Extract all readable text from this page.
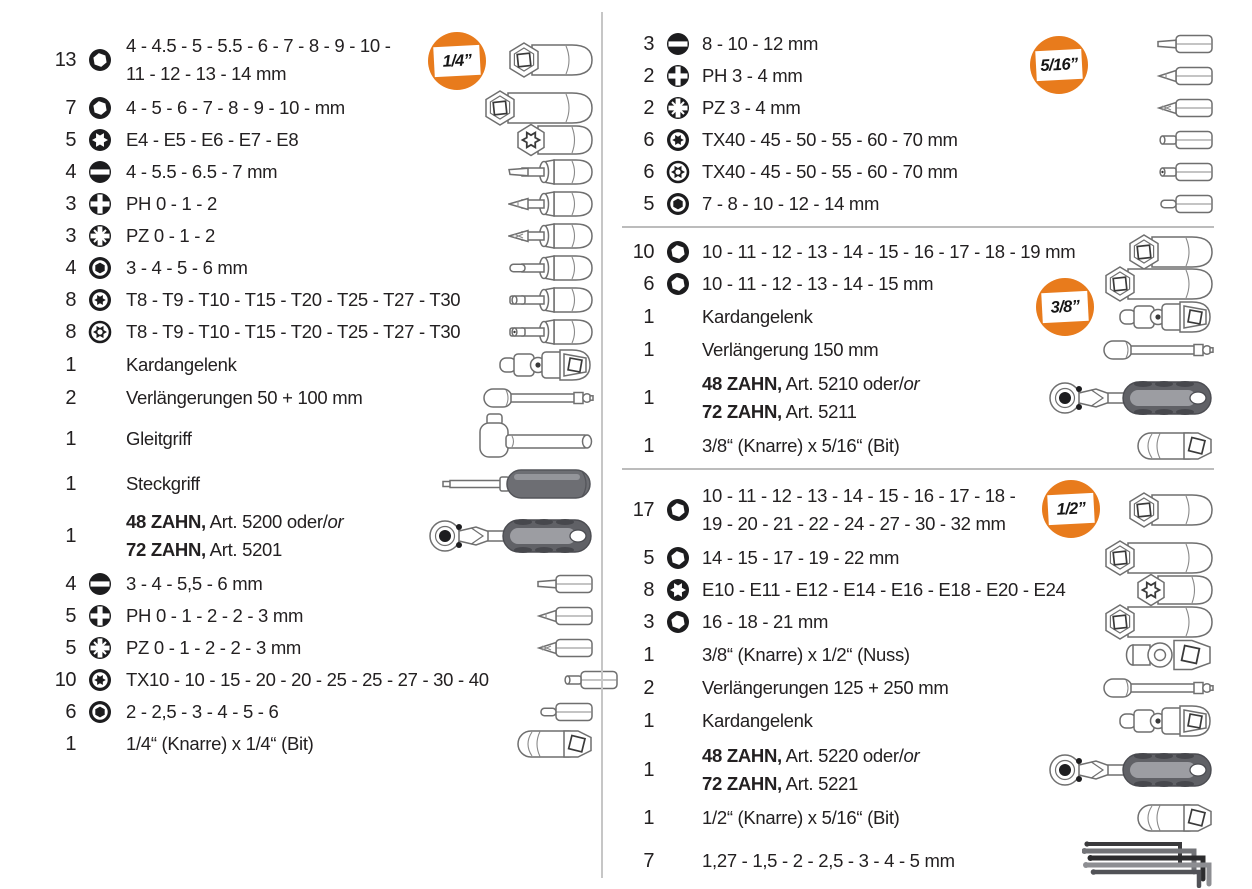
1/4”
13
4 - 4.5 - 5 - 5.5 - 6 - 7 - 8 - 9 - 10 -
11 - 12 - 13 - 14 mm
7	4 - 5 - 6 - 7 - 8 - 9 - 10 - mm
5	E4 - E5 - E6 - E7 - E8
4	4 - 5.5 - 6.5 - 7 mm
3	PH 0 - 1 - 2
3	PZ 0 - 1 - 2
4	3 - 4 - 5 - 6 mm
8	T8 - T9 - T10 - T15 - T20 - T25 - T27 - T30
8	T8 - T9 - T10 - T15 - T20 - T25 - T27 - T30
1	Kardangelenk
2	Verlängerungen 50 + 100 mm
1	Gleitgriff
1	Steckgriff
1
48 ZAHN, Art. 5200 oder/or
72 ZAHN, Art. 5201
4	3 - 4 - 5,5 - 6 mm
5	PH 0 - 1 - 2 - 2 - 3 mm
5	PZ 0 - 1 - 2 - 2 - 3 mm
10	TX10 - 10 - 15 - 20 - 20 - 25 - 25 - 27 - 30 - 40
6	2 - 2,5 - 3 - 4 - 5 - 6
1	1/4“ (Knarre) x 1/4“ (Bit)
5/16”
3	8 - 10 - 12 mm
2	PH 3 - 4 mm
2	PZ 3 - 4 mm
6	TX40 - 45 - 50 - 55 - 60 - 70 mm
6	TX40 - 45 - 50 - 55 - 60 - 70 mm
5	7 - 8 - 10 - 12 - 14 mm
3/8”
10	10 - 11 - 12 - 13 - 14 - 15 - 16 - 17 - 18 - 19 mm
6	10 - 11 - 12 - 13 - 14 - 15 mm
1	Kardangelenk
1	Verlängerung 150 mm
1
48 ZAHN, Art. 5210 oder/or
72 ZAHN, Art. 5211
1	3/8“ (Knarre) x 5/16“ (Bit)
1/2”
17
10 - 11 - 12 - 13 - 14 - 15 - 16 - 17 - 18 -
19 - 20 - 21 - 22 - 24 - 27 - 30 - 32 mm
5	14 - 15 - 17 - 19 - 22 mm
8	E10 - E11 - E12 - E14 - E16 - E18 - E20 - E24
3	16 - 18 - 21 mm
1	3/8“ (Knarre) x 1/2“ (Nuss)
2	Verlängerungen 125 + 250 mm
1	Kardangelenk
1
48 ZAHN, Art. 5220 oder/or
72 ZAHN, Art. 5221
1	1/2“ (Knarre) x 5/16“ (Bit)
7	1,27 - 1,5 - 2 - 2,5 - 3 - 4 - 5 mm
